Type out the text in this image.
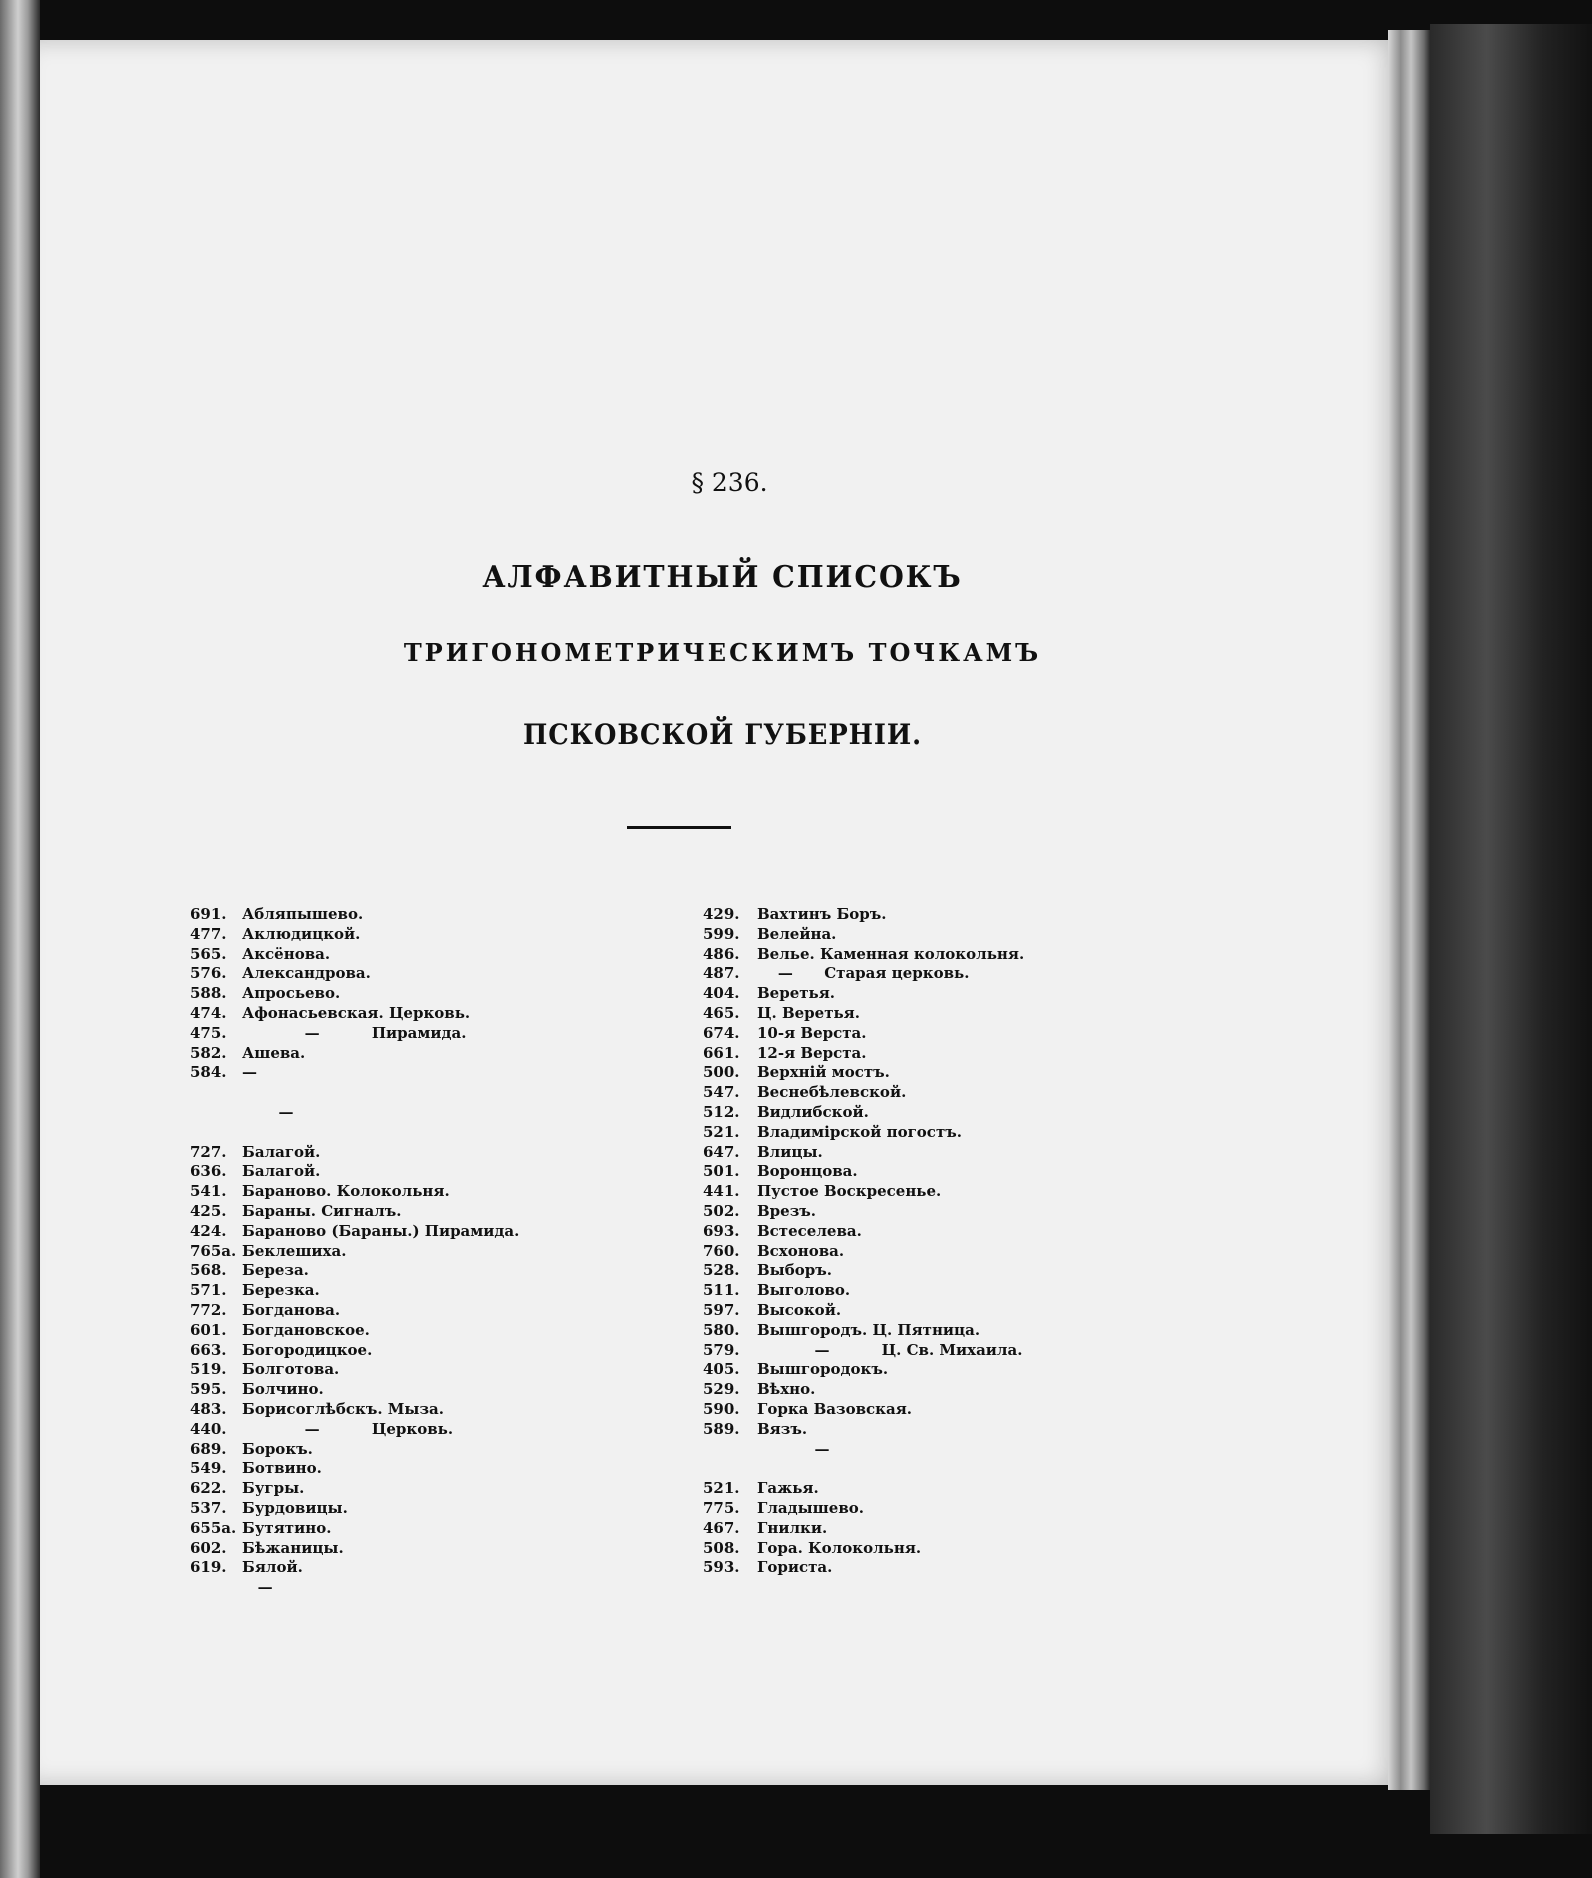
§ 236.
АЛФАВИТНЫЙ СПИСОКЪ
ТРИГОНОМЕТРИЧЕСКИМЪ ТОЧКАМЪ
ПСКОВСКОЙ ГУБЕРНІИ.
691.	Абляпышево.
477.	Аклюдицкой.
565.	Аксёнова.
576.	Александрова.
588.	Апросьево.
474.	Афонасьевская. Церковь.
475.	—          Пирамида.
582.	Ашева.
584.	—
—
727.	Балагой.
636.	Балагой.
541.	Бараново. Колокольня.
425.	Бараны. Сигналъ.
424.	Бараново (Бараны.) Пирамида.
765а. Беклешиха.
568.	Береза.
571.	Березка.
772.	Богданова.
601.	Богдановское.
663.	Богородицкое.
519.	Болготова.
595.	Болчино.
483.	Борисоглѣбскъ. Мыза.
440.	—          Церковь.
689.	Борокъ.
549.	Ботвино.
622.	Бугры.
537.	Бурдовицы.
655а. Бутятино.
602.	Бѣжаницы.
619.	Бялой.
—
429.	Вахтинъ Боръ.
599.	Велейна.
486.	Велье. Каменная колокольня.
487.	—      Старая церковь.
404.	Веретья.
465.	Ц. Веретья.
674.	10-я Верста.
661.	12-я Верста.
500.	Верхній мостъ.
547.	Веснебѣлевской.
512.	Видлибской.
521.	Владимірской погостъ.
647.	Влицы.
501.	Воронцова.
441.	Пустое Воскресенье.
502.	Врезъ.
693.	Встеселева.
760.	Всхонова.
528.	Выборъ.
511.	Выголово.
597.	Высокой.
580.	Вышгородъ. Ц. Пятница.
579.	—          Ц. Св. Михаила.
405.	Вышгородокъ.
529.	Вѣхно.
590.	Горка Вазовская.
589.	Вязъ.
—
521.	Гажья.
775.	Гладышево.
467.	Гнилки.
508.	Гора. Колокольня.
593.	Гориста.
